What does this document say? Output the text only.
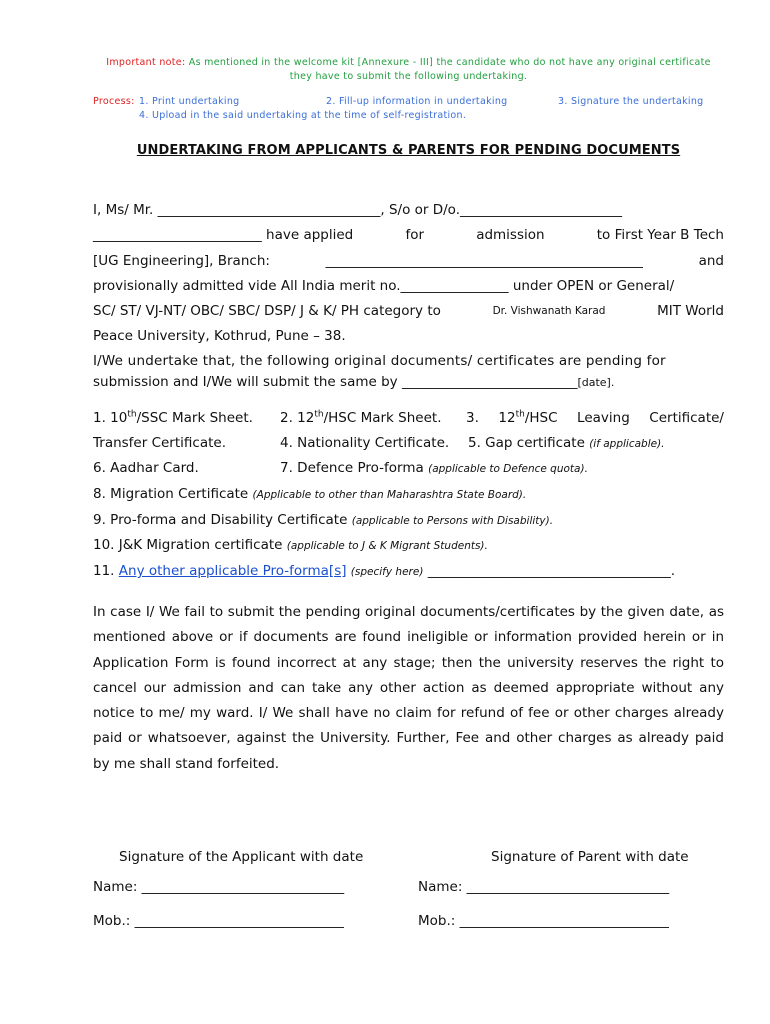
Important note: As mentioned in the welcome kit [Annexure - III] the candidate who do not have any original certificate
they have to submit the following undertaking.
Process: 1. Print undertaking	2. Fill-up information in undertaking	3. Signature the undertaking
4. Upload in the said undertaking at the time of self-registration.
UNDERTAKING FROM APPLICANTS & PARENTS FOR PENDING DOCUMENTS
I, Ms/ Mr. _________________________________, S/o or D/o.________________________
_________________________ have applied	for	admission	to First Year B Tech
[UG Engineering], Branch:	_______________________________________________	and
provisionally admitted vide All India merit no.________________ under OPEN or General/
SC/ ST/ VJ-NT/ OBC/ SBC/ DSP/ J & K/ PH category to	Dr. Vishwanath Karad	MIT World
Peace University, Kothrud, Pune – 38.
I/We undertake that, the following original documents/ certificates are pending for
submission and I/We will submit the same by __________________________[date].
1. 10th/SSC Mark Sheet. 2. 12th/HSC Mark Sheet. 3. 12th/HSC Leaving Certificate/
Transfer Certificate.	4. Nationality Certificate. 5. Gap certificate (if applicable).
6. Aadhar Card.	7. Defence Pro-forma (applicable to Defence quota).
8. Migration Certificate (Applicable to other than Maharashtra State Board).
9. Pro-forma and Disability Certificate (applicable to Persons with Disability).
10. J&K Migration certificate (applicable to J & K Migrant Students).
11. Any other applicable Pro-forma[s] (specify here) ____________________________________.
In case I/ We fail to submit the pending original documents/certificates by the given date, as mentioned above or if documents are found ineligible or information provided herein or in Application Form is found incorrect at any stage; then the university reserves the right to cancel our admission and can take any other action as deemed appropriate without any notice to me/ my ward. I/ We shall have no claim for refund of fee or other charges already paid or whatsoever, against the University. Further, Fee and other charges as already paid by me shall stand forfeited.
Signature of the Applicant with date	Signature of Parent with date
Name: ______________________________	Name: ______________________________
Mob.: _______________________________	Mob.: _______________________________
